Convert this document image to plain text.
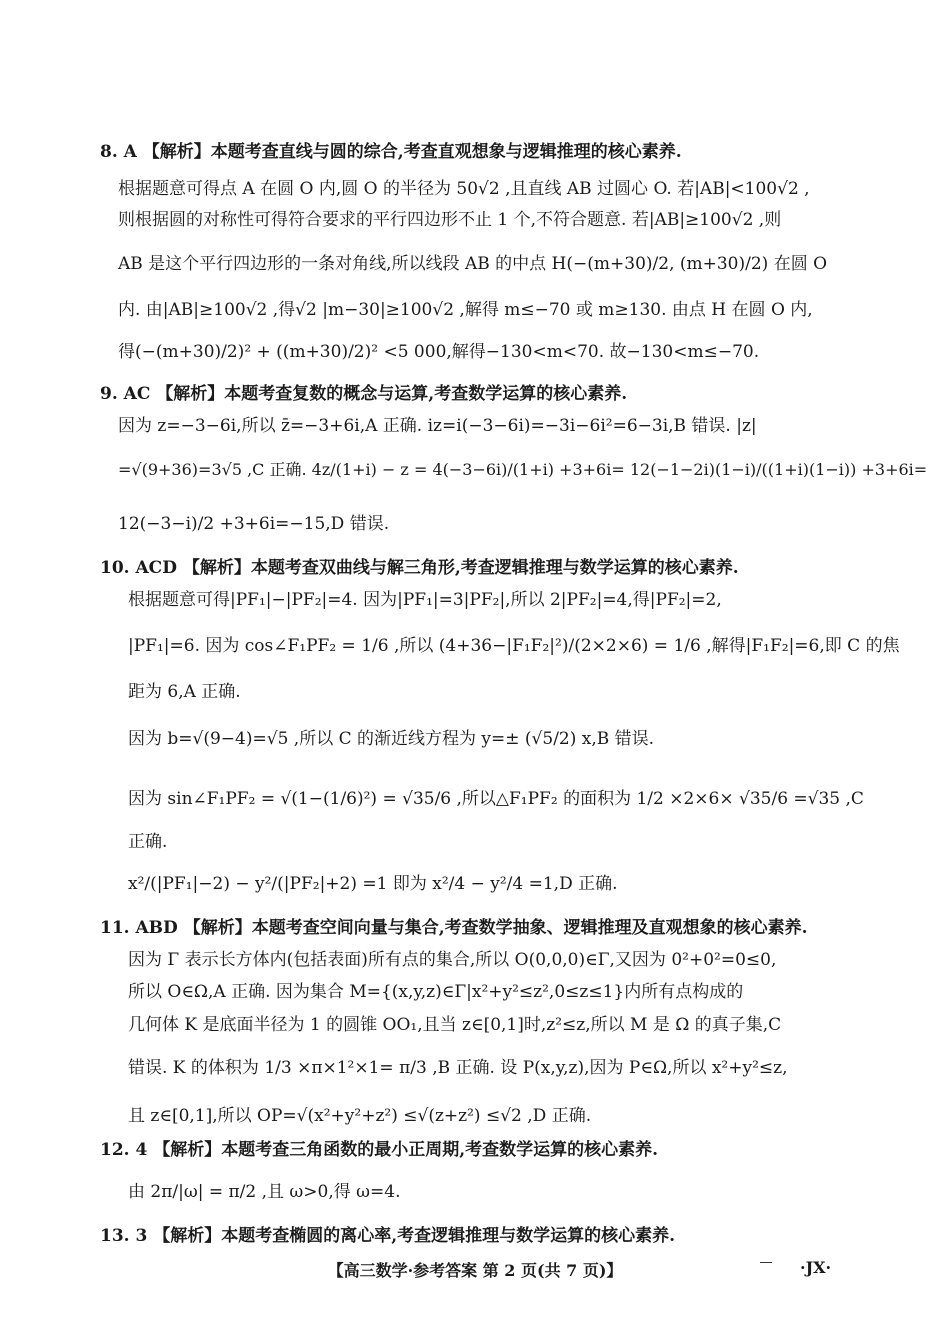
8. A 【解析】本题考查直线与圆的综合,考查直观想象与逻辑推理的核心素养.
根据题意可得点 A 在圆 O 内,圆 O 的半径为 50√2 ,且直线 AB 过圆心 O. 若|AB|<100√2 ,
则根据圆的对称性可得符合要求的平行四边形不止 1 个,不符合题意. 若|AB|≥100√2 ,则
AB 是这个平行四边形的一条对角线,所以线段 AB 的中点 H(−(m+30)/2, (m+30)/2) 在圆 O
内. 由|AB|≥100√2 ,得√2 |m−30|≥100√2 ,解得 m≤−70 或 m≥130. 由点 H 在圆 O 内,
得(−(m+30)/2)² + ((m+30)/2)² <5 000,解得−130<m<70. 故−130<m≤−70.
9. AC 【解析】本题考查复数的概念与运算,考查数学运算的核心素养.
因为 z=−3−6i,所以 z̄=−3+6i,A 正确. iz=i(−3−6i)=−3i−6i²=6−3i,B 错误. |z|
=√(9+36)=3√5 ,C 正确. 4z/(1+i) − z = 4(−3−6i)/(1+i) +3+6i= 12(−1−2i)(1−i)/((1+i)(1−i)) +3+6i=
12(−3−i)/2 +3+6i=−15,D 错误.
10. ACD 【解析】本题考查双曲线与解三角形,考查逻辑推理与数学运算的核心素养.
根据题意可得|PF₁|−|PF₂|=4. 因为|PF₁|=3|PF₂|,所以 2|PF₂|=4,得|PF₂|=2,
|PF₁|=6. 因为 cos∠F₁PF₂ = 1/6 ,所以 (4+36−|F₁F₂|²)/(2×2×6) = 1/6 ,解得|F₁F₂|=6,即 C 的焦
距为 6,A 正确.
因为 b=√(9−4)=√5 ,所以 C 的渐近线方程为 y=± (√5/2) x,B 错误.
因为 sin∠F₁PF₂ = √(1−(1/6)²) = √35/6 ,所以△F₁PF₂ 的面积为 1/2 ×2×6× √35/6 =√35 ,C
正确.
x²/(|PF₁|−2) − y²/(|PF₂|+2) =1 即为 x²/4 − y²/4 =1,D 正确.
11. ABD 【解析】本题考查空间向量与集合,考查数学抽象、逻辑推理及直观想象的核心素养.
因为 Γ 表示长方体内(包括表面)所有点的集合,所以 O(0,0,0)∈Γ,又因为 0²+0²=0≤0,
所以 O∈Ω,A 正确. 因为集合 M={(x,y,z)∈Γ|x²+y²≤z²,0≤z≤1}内所有点构成的
几何体 K 是底面半径为 1 的圆锥 OO₁,且当 z∈[0,1]时,z²≤z,所以 M 是 Ω 的真子集,C
错误. K 的体积为 1/3 ×π×1²×1= π/3 ,B 正确. 设 P(x,y,z),因为 P∈Ω,所以 x²+y²≤z,
且 z∈[0,1],所以 OP=√(x²+y²+z²) ≤√(z+z²) ≤√2 ,D 正确.
12. 4 【解析】本题考查三角函数的最小正周期,考查数学运算的核心素养.
由 2π/|ω| = π/2 ,且 ω>0,得 ω=4.
13. 3 【解析】本题考查椭圆的离心率,考查逻辑推理与数学运算的核心素养.
【高三数学·参考答案 第 2 页(共 7 页)】	·JX·
